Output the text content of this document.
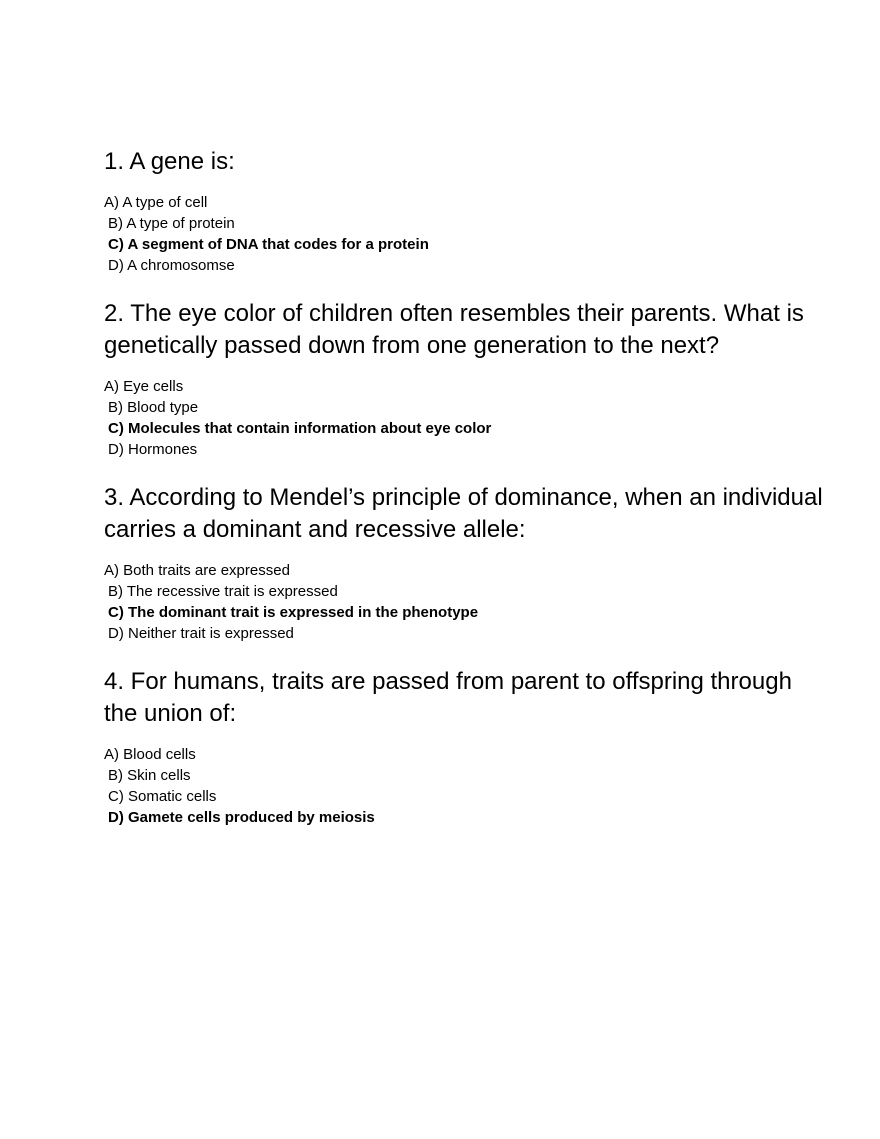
1. A gene is:

A) A type of cell
B) A type of protein
C) A segment of DNA that codes for a protein
D) A chromosomse

2. The eye color of children often resembles their parents. What is genetically passed down from one generation to the next?

A) Eye cells
B) Blood type
C) Molecules that contain information about eye color
D) Hormones

3. According to Mendel’s principle of dominance, when an individual carries a dominant and recessive allele:

A) Both traits are expressed
B) The recessive trait is expressed
C) The dominant trait is expressed in the phenotype
D) Neither trait is expressed

4. For humans, traits are passed from parent to offspring through the union of:

A) Blood cells
B) Skin cells
C) Somatic cells
D) Gamete cells produced by meiosis
